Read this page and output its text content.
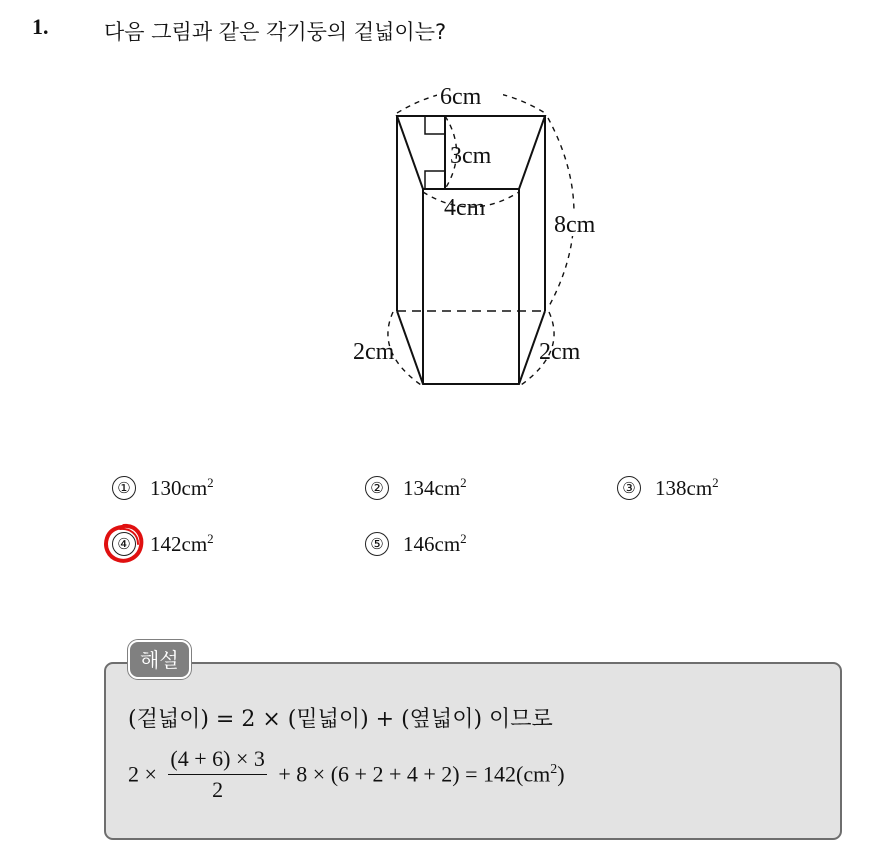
1.	다음 그림과 같은 각기둥의 겉넓이는?
6cm
3cm
4cm
8cm
2cm	2cm
① $130cm^2$	② $134cm^2$	③ $138cm^2$
④ $142cm^2$	⑤ $146cm^2$
해설
(겉넓이) = 2 × (밑넓이) + (옆넓이) 이므로
$2 \times \frac{(4 + 6) \times 3}{2} + 8 \times (6 + 2 + 4 + 2) = 142(cm^2)$
